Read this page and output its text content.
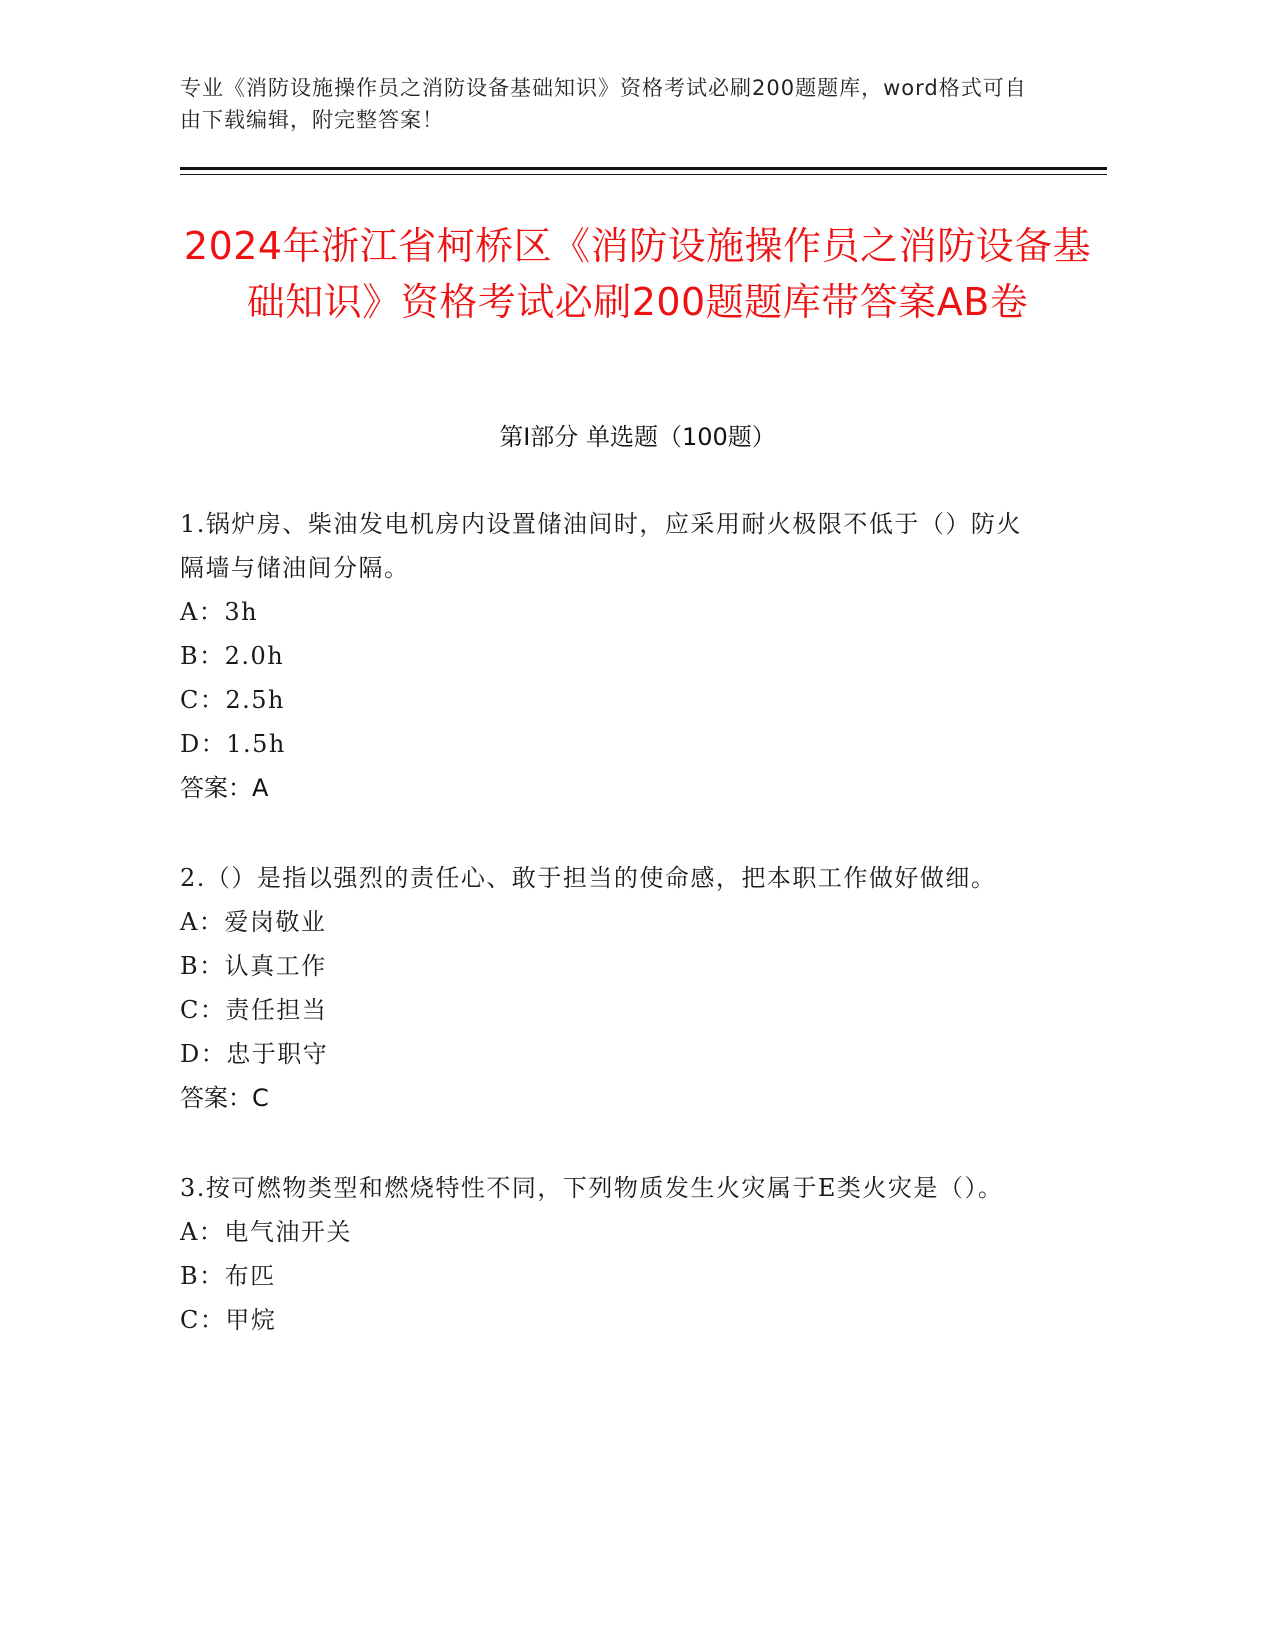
专业《消防设施操作员之消防设备基础知识》资格考试必刷200题题库，word格式可自由下载编辑，附完整答案！
2024年浙江省柯桥区《消防设施操作员之消防设备基础知识》资格考试必刷200题题库带答案AB卷
第I部分 单选题（100题）
1.锅炉房、柴油发电机房内设置储油间时，应采用耐火极限不低于（）防火隔墙与储油间分隔。
A：3h
B：2.0h
C：2.5h
D：1.5h
答案：A
2.（）是指以强烈的责任心、敢于担当的使命感，把本职工作做好做细。
A：爱岗敬业
B：认真工作
C：责任担当
D：忠于职守
答案：C
3.按可燃物类型和燃烧特性不同，下列物质发生火灾属于E类火灾是（）。
A：电气油开关
B：布匹
C：甲烷
